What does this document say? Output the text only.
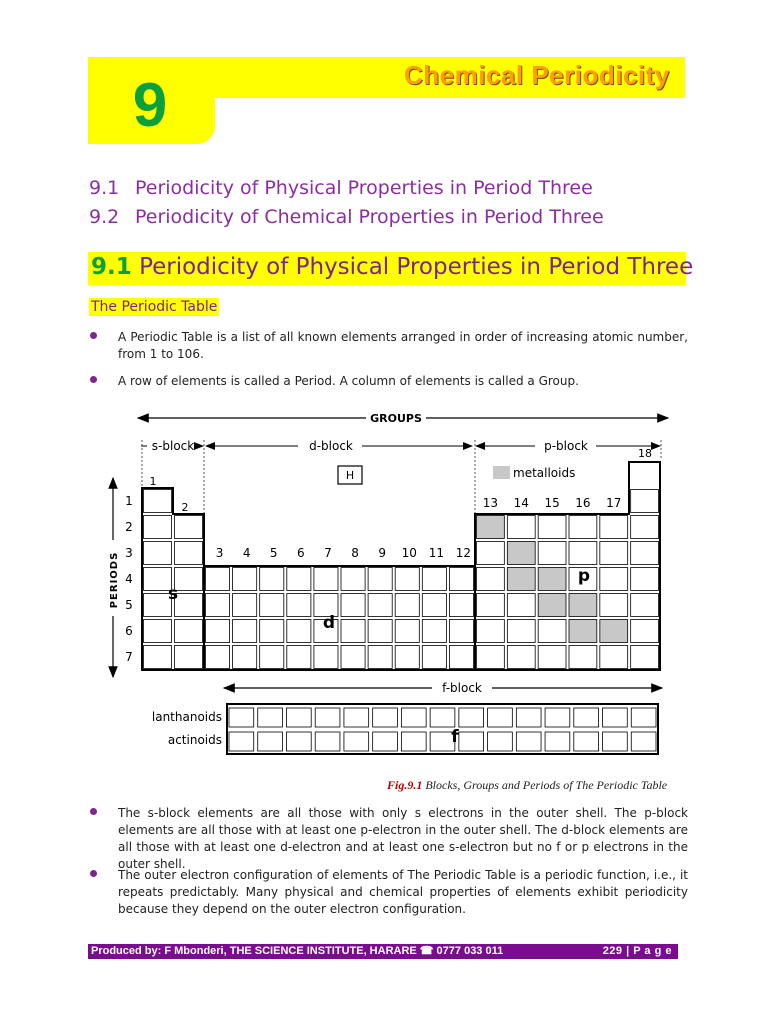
9	Chemical Periodicity
9.1 Periodicity of Physical Properties in Period Three
9.2 Periodicity of Chemical Properties in Period Three
9.1 Periodicity of Physical Properties in Period Three
The Periodic Table
A Periodic Table is a list of all known elements arranged in order of increasing atomic number, from 1 to 106.
A row of elements is called a Period. A column of elements is called a Group.
GROUPS
s-block	d-block	p-block
H	metalloids
1
2
18
3 4 5 6 7 8 9 10 11 12
13 14 15 16 17
PERIODS
1
2
3
4
5
6
7
s
d
p
f-block
lanthanoids
actinoids	f
Fig.9.1 Blocks, Groups and Periods of The Periodic Table
The s-block elements are all those with only s electrons in the outer shell. The p-block elements are all those with at least one p-electron in the outer shell. The d-block elements are all those with at least one d-electron and at least one s-electron but no f or p electrons in the outer shell.
The outer electron configuration of elements of The Periodic Table is a periodic function, i.e., it repeats predictably. Many physical and chemical properties of elements exhibit periodicity because they depend on the outer electron configuration.
Produced by: F Mbonderi, THE SCIENCE INSTITUTE, HARARE ☎ 0777 033 011	229 | P a g e
